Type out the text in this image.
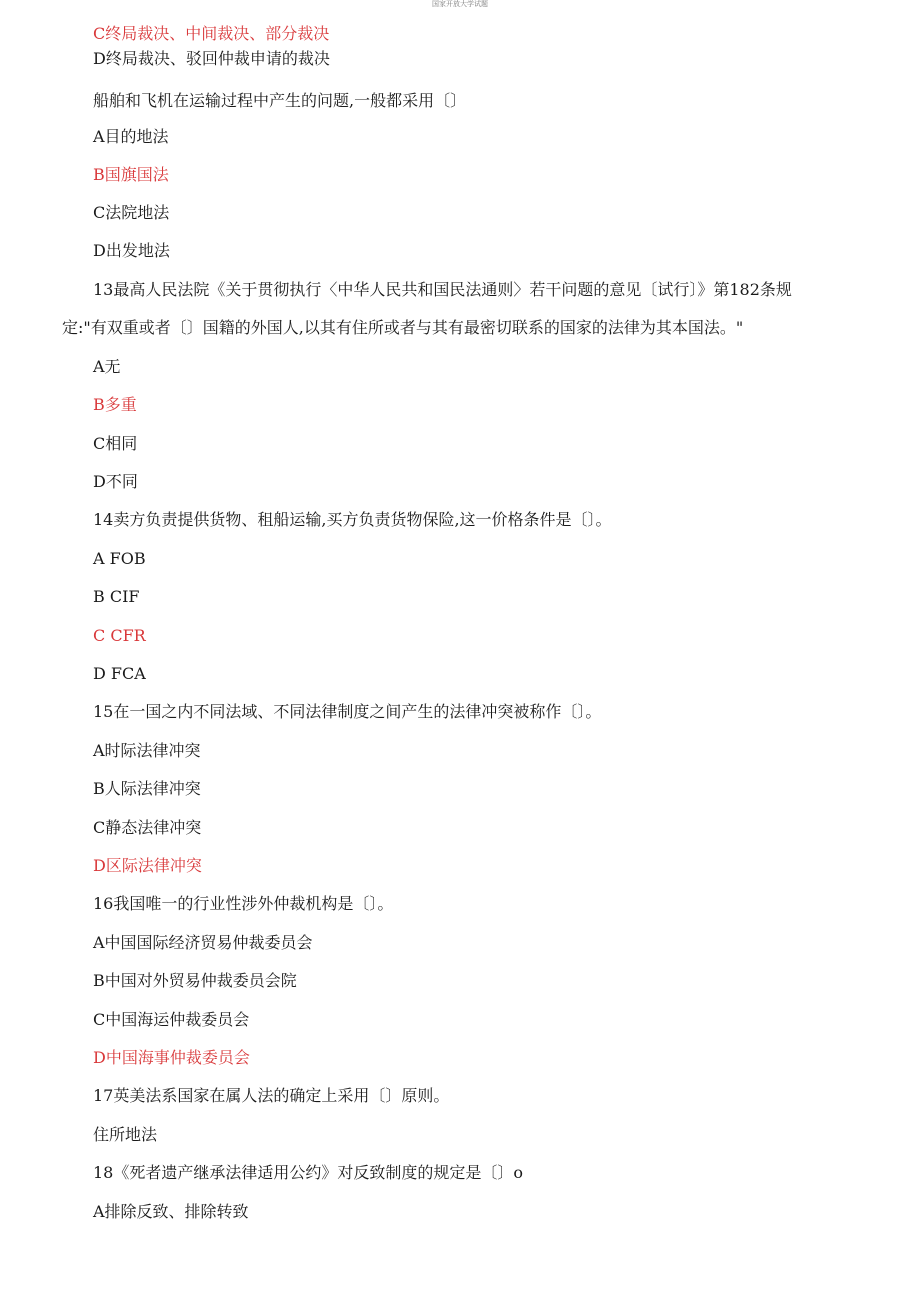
国家开放大学试题
C终局裁决、中间裁决、部分裁决
D终局裁决、驳回仲裁申请的裁决
船舶和飞机在运输过程中产生的问题,一般都采用〔〕
A目的地法
B国旗国法
C法院地法
D出发地法
13最高人民法院《关于贯彻执行〈中华人民共和国民法通则〉若干问题的意见〔试行〕》第182条规
定:"有双重或者〔〕国籍的外国人,以其有住所或者与其有最密切联系的国家的法律为其本国法。"
A无
B多重
C相同
D不同
14卖方负责提供货物、租船运输,买方负责货物保险,这一价格条件是〔〕。
A FOB
B CIF
C CFR
D FCA
15在一国之内不同法域、不同法律制度之间产生的法律冲突被称作〔〕。
A时际法律冲突
B人际法律冲突
C静态法律冲突
D区际法律冲突
16我国唯一的行业性涉外仲裁机构是〔〕。
A中国国际经济贸易仲裁委员会
B中国对外贸易仲裁委员会院
C中国海运仲裁委员会
D中国海事仲裁委员会
17英美法系国家在属人法的确定上采用〔〕原则。
住所地法
18《死者遗产继承法律适用公约》对反致制度的规定是〔〕o
A排除反致、排除转致
